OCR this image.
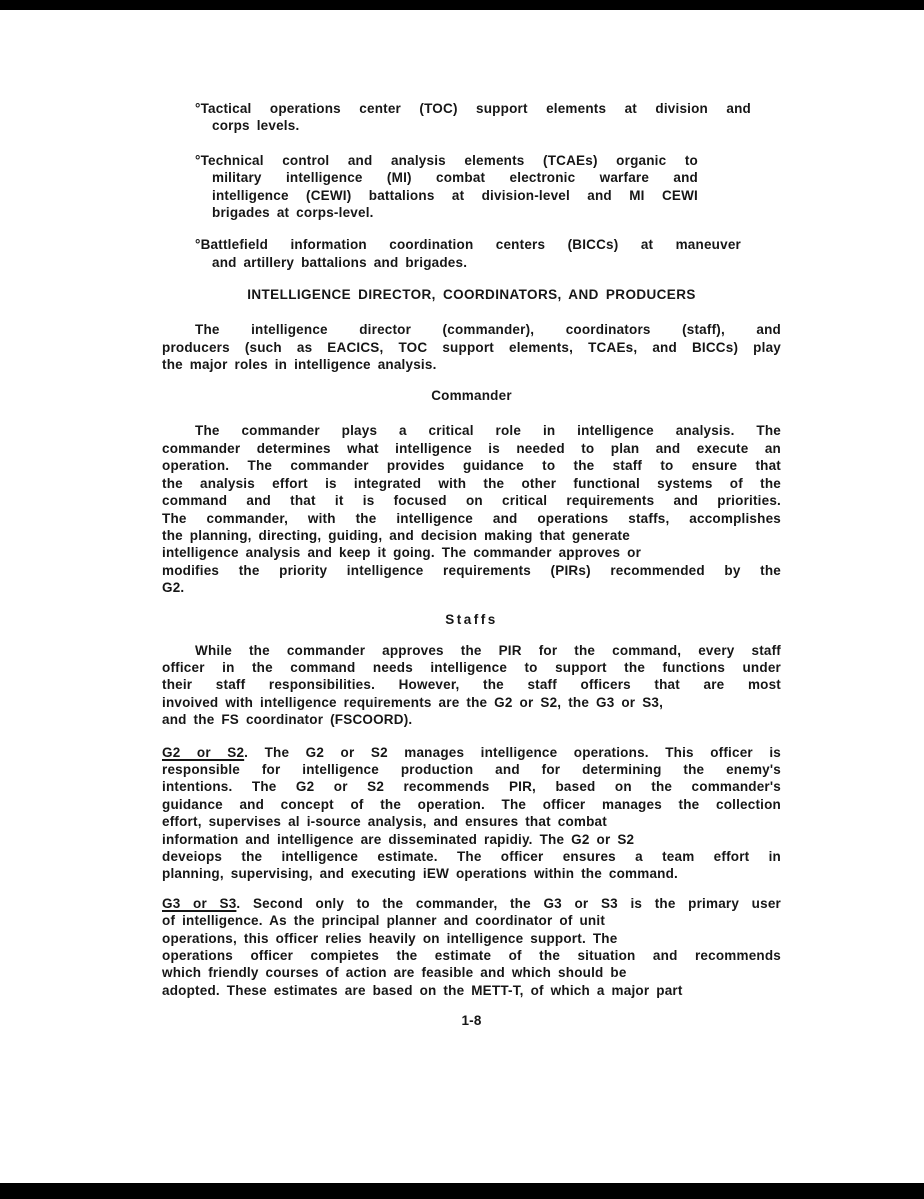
°Tactical operations center (TOC) support elements at division and
corps levels.
°Technical control and analysis elements (TCAEs) organic to
military intelligence (MI) combat electronic warfare and
intelligence (CEWI) battalions at division-level and MI CEWI
brigades at corps-level.
°Battlefield information coordination centers (BICCs) at maneuver
and artillery battalions and brigades.
INTELLIGENCE DIRECTOR, COORDINATORS, AND PRODUCERS
The intelligence director (commander), coordinators (staff), and
producers (such as EACICS, TOC support elements, TCAEs, and BICCs) play
the major roles in intelligence analysis.
Commander
The commander plays a critical role in intelligence analysis. The
commander determines what intelligence is needed to plan and execute an
operation. The commander provides guidance to the staff to ensure that
the analysis effort is integrated with the other functional systems of the
command and that it is focused on critical requirements and priorities.
The commander, with the intelligence and operations staffs, accomplishes
the planning, directing, guiding, and decision making that generate
intelligence analysis and keep it going. The commander approves or
modifies the priority intelligence requirements (PIRs) recommended by the
G2.
Staffs
While the commander approves the PIR for the command, every staff
officer in the command needs intelligence to support the functions under
their staff responsibilities. However, the staff officers that are most
invoived with intelligence requirements are the G2 or S2, the G3 or S3,
and the FS coordinator (FSCOORD).
G2 or S2. The G2 or S2 manages intelligence operations. This officer is
responsible for intelligence production and for determining the enemy's
intentions. The G2 or S2 recommends PIR, based on the commander's
guidance and concept of the operation. The officer manages the collection
effort, supervises al i-source analysis, and ensures that combat
information and intelligence are disseminated rapidiy. The G2 or S2
deveiops the intelligence estimate. The officer ensures a team effort in
planning, supervising, and executing iEW operations within the command.
G3 or S3. Second only to the commander, the G3 or S3 is the primary user
of intelligence. As the principal planner and coordinator of unit
operations, this officer relies heavily on intelligence support. The
operations officer compietes the estimate of the situation and recommends
which friendly courses of action are feasible and which should be
adopted. These estimates are based on the METT-T, of which a major part
1-8
